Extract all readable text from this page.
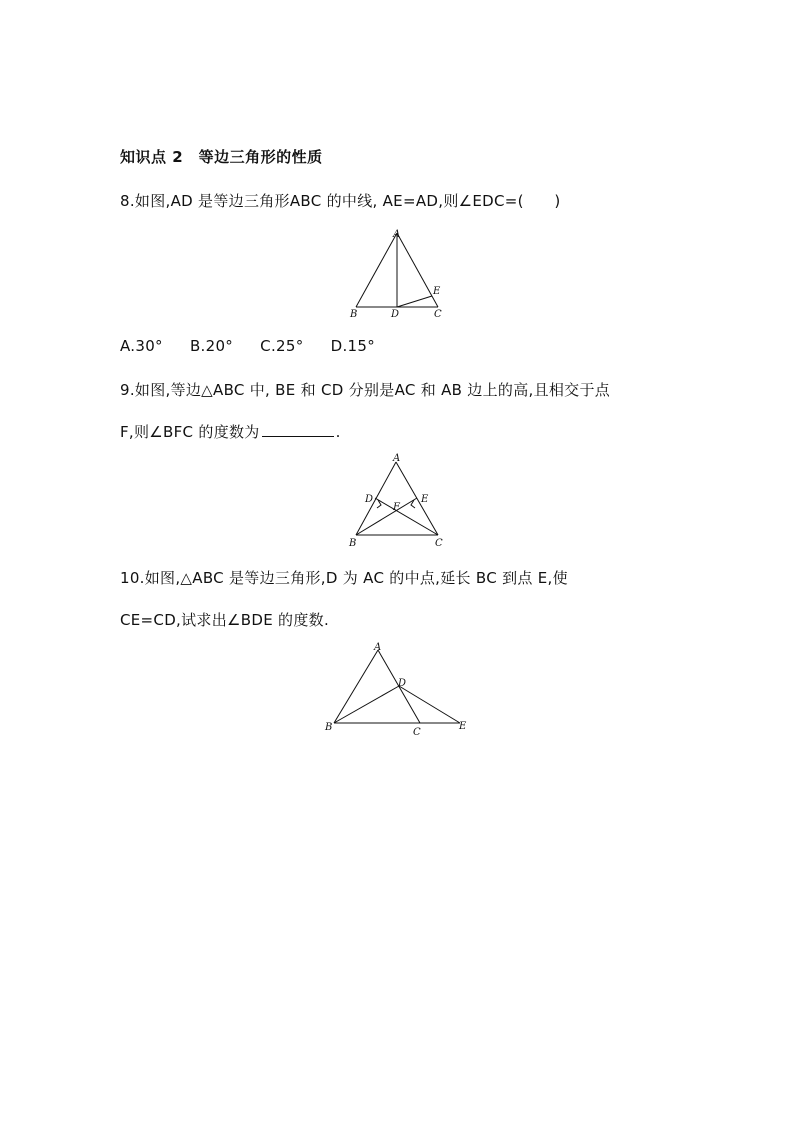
知识点 2　等边三角形的性质
8.如图,AD 是等边三角形ABC 的中线, AE=AD,则∠EDC=(　　)
A
B	C
D
E
A.30° B.20° C.25° D.15°
9.如图,等边△ABC 中, BE 和 CD 分别是AC 和 AB 边上的高,且相交于点
F,则∠BFC 的度数为	.
A
B	C
D	E
F
10.如图,△ABC 是等边三角形,D 为 AC 的中点,延长 BC 到点 E,使
CE=CD,试求出∠BDE 的度数.
A
B	C
D
E
